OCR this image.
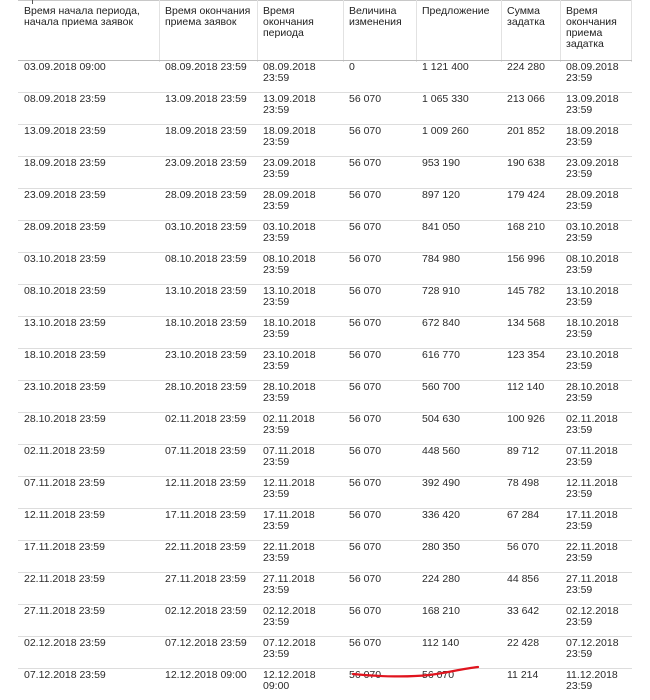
Время начала периода, начала приема заявок	Время окончания приема заявок	Время окончания периода	Величина изменения	Предложение	Сумма задатка	Время окончания приема задатка
03.09.2018 09:00	08.09.2018 23:59	08.09.2018 23:59	0	1 121 400	224 280	08.09.2018 23:59
08.09.2018 23:59	13.09.2018 23:59	13.09.2018 23:59	56 070	1 065 330	213 066	13.09.2018 23:59
13.09.2018 23:59	18.09.2018 23:59	18.09.2018 23:59	56 070	1 009 260	201 852	18.09.2018 23:59
18.09.2018 23:59	23.09.2018 23:59	23.09.2018 23:59	56 070	953 190	190 638	23.09.2018 23:59
23.09.2018 23:59	28.09.2018 23:59	28.09.2018 23:59	56 070	897 120	179 424	28.09.2018 23:59
28.09.2018 23:59	03.10.2018 23:59	03.10.2018 23:59	56 070	841 050	168 210	03.10.2018 23:59
03.10.2018 23:59	08.10.2018 23:59	08.10.2018 23:59	56 070	784 980	156 996	08.10.2018 23:59
08.10.2018 23:59	13.10.2018 23:59	13.10.2018 23:59	56 070	728 910	145 782	13.10.2018 23:59
13.10.2018 23:59	18.10.2018 23:59	18.10.2018 23:59	56 070	672 840	134 568	18.10.2018 23:59
18.10.2018 23:59	23.10.2018 23:59	23.10.2018 23:59	56 070	616 770	123 354	23.10.2018 23:59
23.10.2018 23:59	28.10.2018 23:59	28.10.2018 23:59	56 070	560 700	112 140	28.10.2018 23:59
28.10.2018 23:59	02.11.2018 23:59	02.11.2018 23:59	56 070	504 630	100 926	02.11.2018 23:59
02.11.2018 23:59	07.11.2018 23:59	07.11.2018 23:59	56 070	448 560	89 712	07.11.2018 23:59
07.11.2018 23:59	12.11.2018 23:59	12.11.2018 23:59	56 070	392 490	78 498	12.11.2018 23:59
12.11.2018 23:59	17.11.2018 23:59	17.11.2018 23:59	56 070	336 420	67 284	17.11.2018 23:59
17.11.2018 23:59	22.11.2018 23:59	22.11.2018 23:59	56 070	280 350	56 070	22.11.2018 23:59
22.11.2018 23:59	27.11.2018 23:59	27.11.2018 23:59	56 070	224 280	44 856	27.11.2018 23:59
27.11.2018 23:59	02.12.2018 23:59	02.12.2018 23:59	56 070	168 210	33 642	02.12.2018 23:59
02.12.2018 23:59	07.12.2018 23:59	07.12.2018 23:59	56 070	112 140	22 428	07.12.2018 23:59
07.12.2018 23:59	12.12.2018 09:00	12.12.2018 09:00	56 070	56 070	11 214	11.12.2018 23:59
